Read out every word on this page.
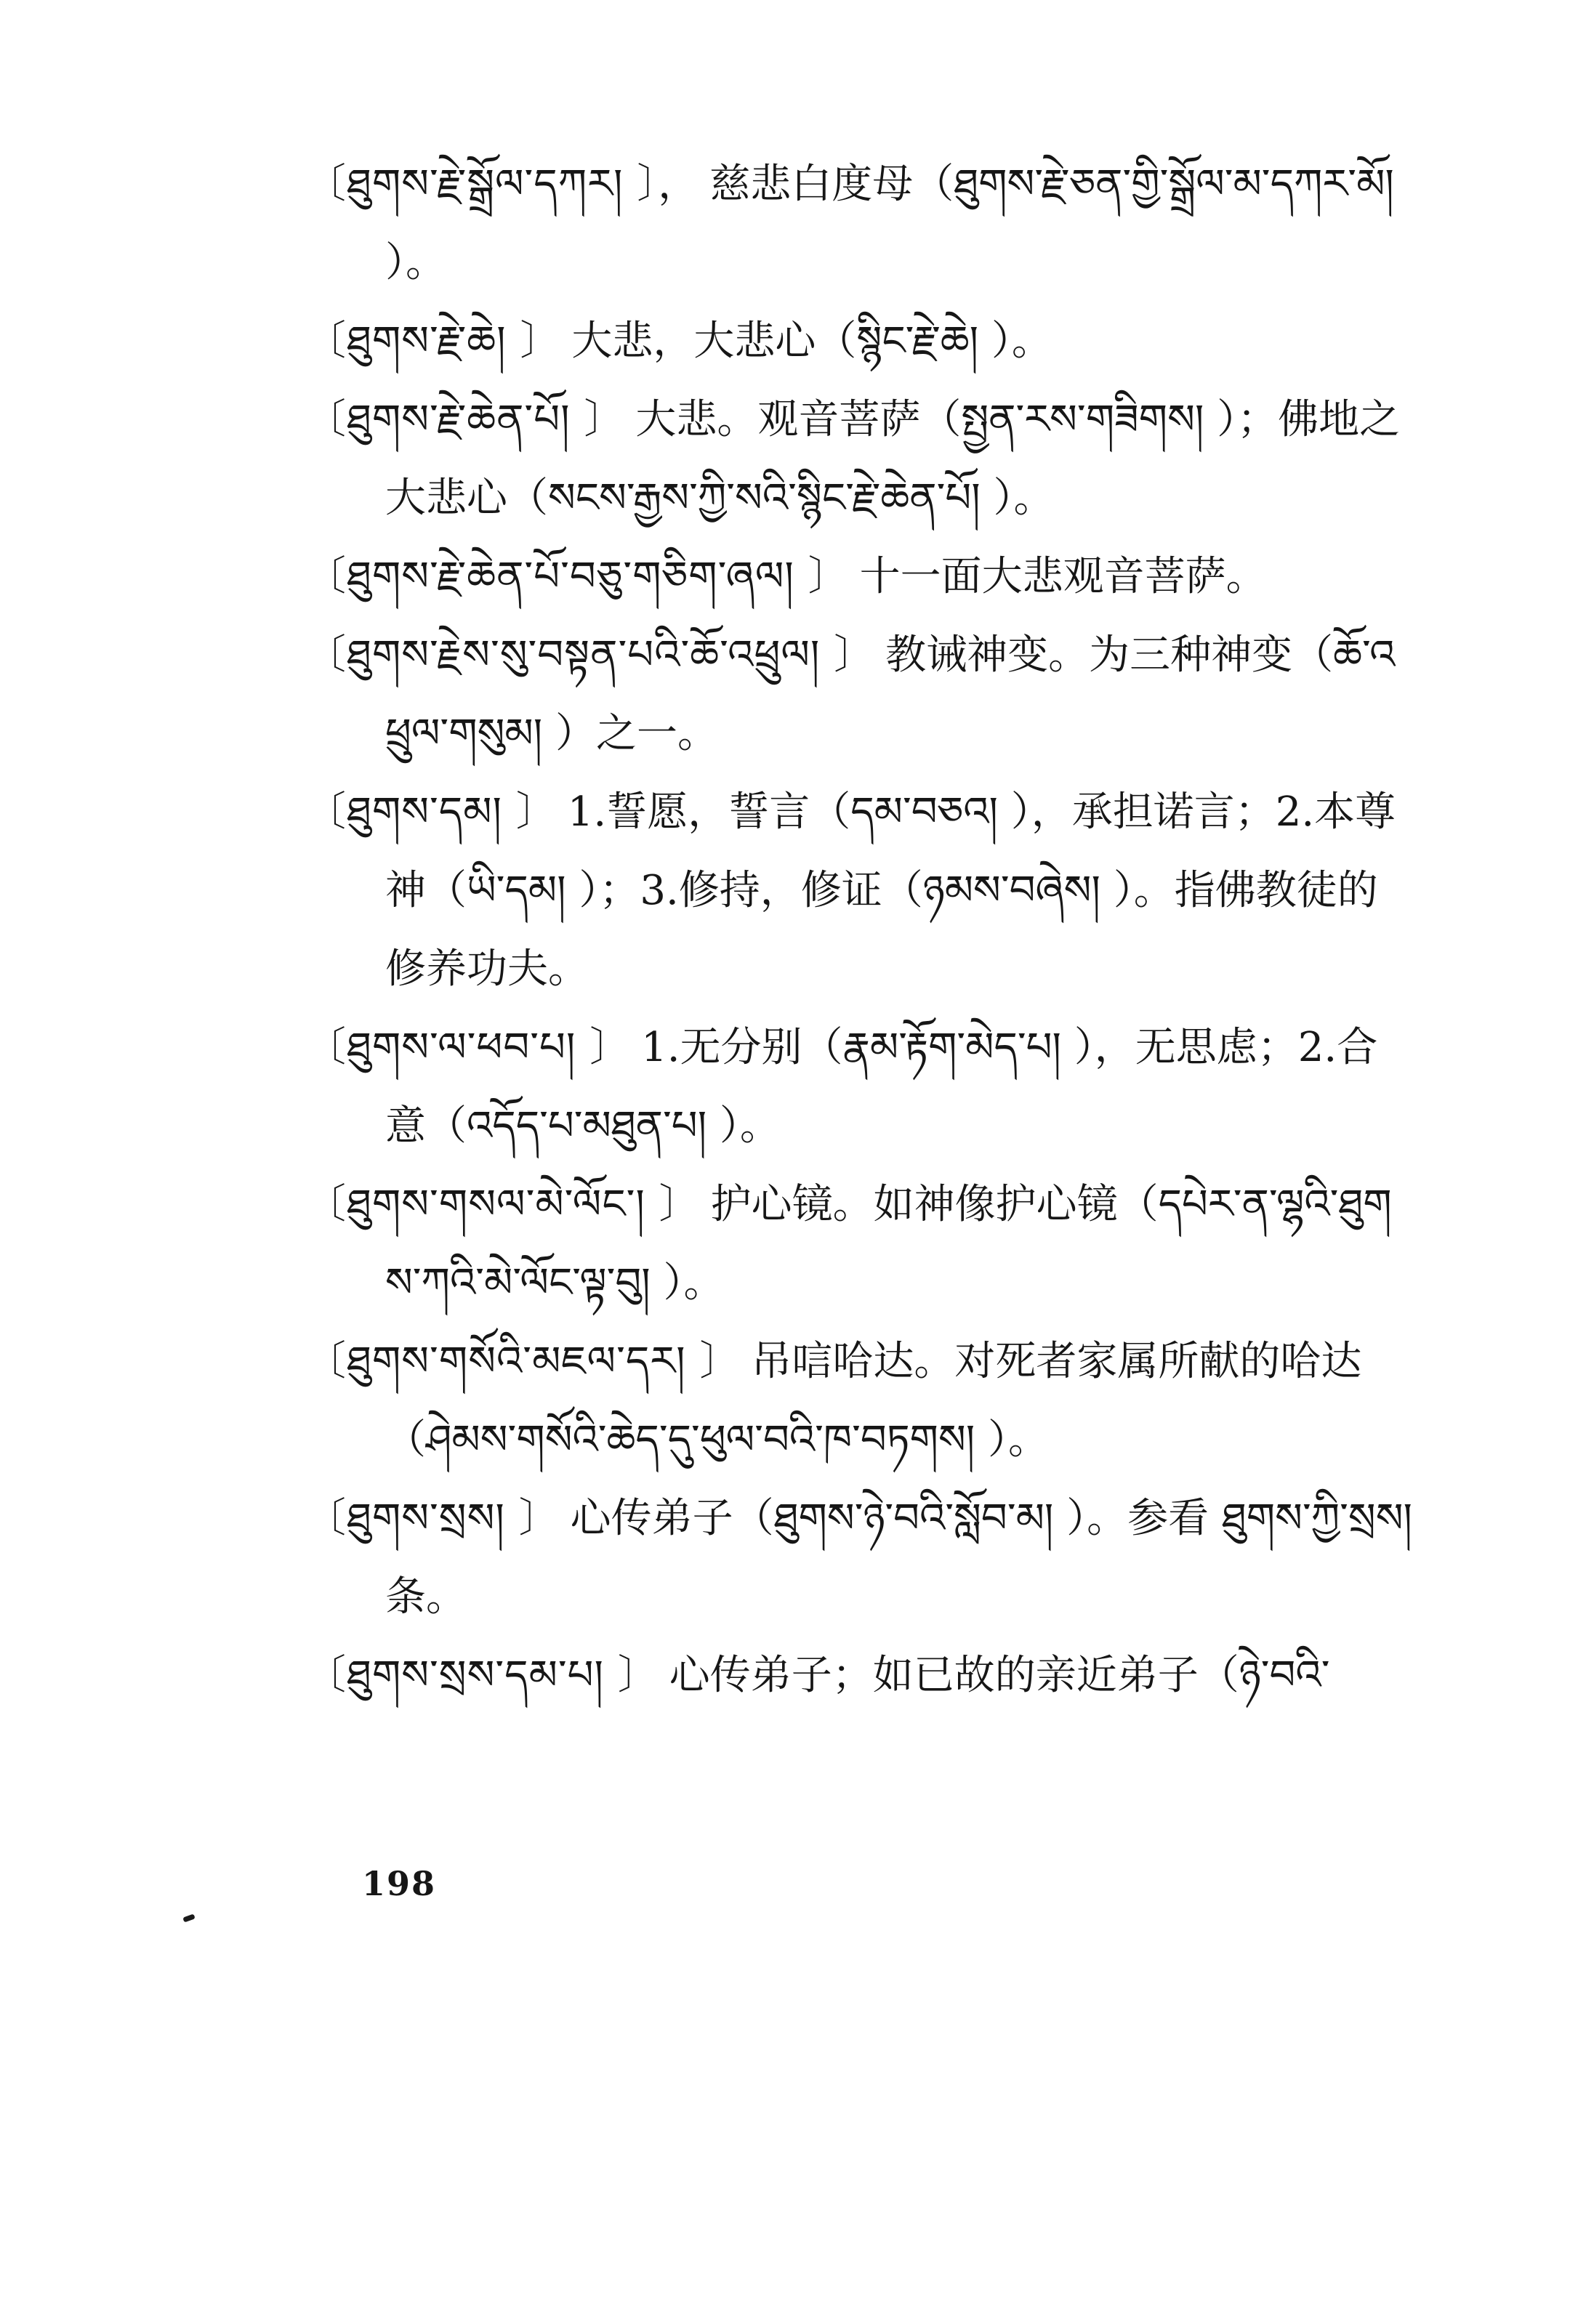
〔ཐུགས་རྗེ་སྒྲོལ་དཀར། 〕， 慈悲白度母（ཐུགས་རྗེ་ཅན་གྱི་སྒྲོལ་མ་དཀར་མོ། ）。

〔ཐུགས་རྗེ་ཆེ། 〕 大悲，大悲心（སྙིང་རྗེ་ཆེ། ）。

〔ཐུགས་རྗེ་ཆེན་པོ། 〕 大悲。观音菩萨（སྤྱན་རས་གཟིགས། ）；佛地之大悲心（སངས་རྒྱས་ཀྱི་སའི་སྙིང་རྗེ་ཆེན་པོ། ）。

〔ཐུགས་རྗེ་ཆེན་པོ་བཅུ་གཅིག་ཞལ། 〕 十一面大悲观音菩萨。

〔ཐུགས་རྗེས་སུ་བསྟན་པའི་ཆོ་འཕྲུལ། 〕 教诫神变。为三种神变（ཆོ་འཕྲུལ་གསུམ། ）之一。

〔ཐུགས་དམ། 〕 1.誓愿，誓言（དམ་བཅའ། ），承担诺言；2.本尊神（ཡི་དམ། ）；3.修持，修证（ཉམས་བཞེས། ）。指佛教徒的修养功夫。

〔ཐུགས་ལ་ཕབ་པ། 〕 1.无分别（རྣམ་རྟོག་མེད་པ། ），无思虑；2.合意（འདོད་པ་མཐུན་པ། ）。

〔ཐུགས་གསལ་མེ་ལོང་། 〕 护心镜。如神像护心镜（དཔེར་ན་ལྷའི་ཐུགས་ཀའི་མེ་ལོང་ལྟ་བུ། ）。

〔ཐུགས་གསོའི་མཇལ་དར། 〕 吊唁哈达。对死者家属所献的哈达（ཤེམས་གསོའི་ཆེད་དུ་ཕུལ་བའི་ཁ་བཏགས། ）。

〔ཐུགས་སྲས། 〕 心传弟子（ཐུགས་ཉེ་བའི་སློབ་མ། ）。参看 ཐུགས་ཀྱི་སྲས། 条。

〔ཐུགས་སྲས་དམ་པ། 〕 心传弟子；如已故的亲近弟子（ཉེ་བའི་

198
